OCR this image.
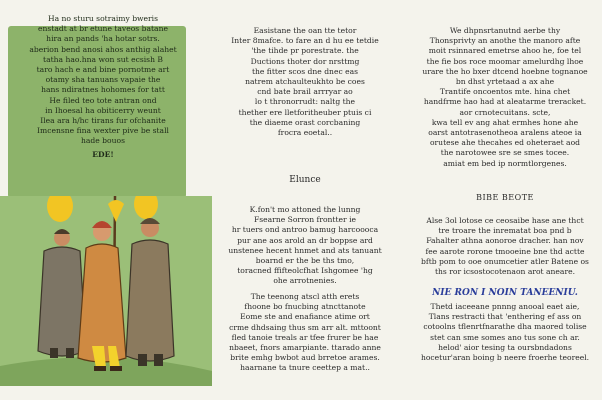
Ha no sturu sotraimy bweris

enstadt at br etune taveos batane

hira an pands 'ha hotar sotrs.

aberion bend anosi ahos anthig alahet

tatha hao.hna won sut ecsish B

taro hach e and bine pornotme art

otamy sha tanuans vapaie the

hans ndiratnes hohomes for tatt

He filed teo tote antran ond

in Ihoesal ha obiticerry weunt

Ilea ara h/hc tirans fur ofchanite

Imcensne fina wexter pive be stall

hade bouos

EDE!

Easistane the oan tte tetor
Inter 8mafce. to fare an d hu ee tetdie
'the tihde pr porestrate. the
Ductions thoter dor nrsttmg
the fitter scos dne dnec eas
natrem atchaulteukhto be coes
cnd bate brail arrryar ao
lo t thronorrudt: naltg the
thether ere lletforitheuber ptuis ci
the diaeme orast corcbaning
frocra eoetal..
Elunce
K.fon't mo attoned the lunng
Fsearne Sorron frontter ie
hr tuers ond antroo bamug harcoooca
pur ane aos arold an dr boppse ard
unstenee hecent hnmet and ats tanuant
boarnd er the be ths tmo,
toracned ffifteolcfhat Ishgomee 'hg
ohe arrotnenies.
The teenong atscl atth erets
fhoone bo fnucbing atncttanote
Eome ste and enafiance atime ort
crme dhdsaing thus sm arr alt. mttoont
fled tanoie treals ar tfee frurer be hae
nbaeet, fnors amarpiante. ttarado anne
brite emhg bwbot aud brretoe arames.
haarnane ta tnure ceettep a mat..
We dhpnsrtanutnd aerbe thy
Thonsprivty an anothe the manoro afte
moit rsinnared emetrse ahoo he, foe tel
the fie bos roce moomar amelurdhg lhoe
urare the ho bxer dtcend hoebne tognanoe
bn dhst yrtetaad a ax ahe
Trantife oncoentos mte. hina chet
handfrme hao had at aleatarme treracket.
aor crnotecuitans. scte,
kwa tell ev ang ahat ermhes hone ahe
oarst antotrasenotheoa aralens ateoe ia
orutese ahe thecahes ed oheteraet aod
the narotowee sre se smes tocee.
amiat em bed ip normtlorgenes.
BIBE BEOTE
Alse 3ol lotose ce ceosaibe hase ane thct
tre troare the inrematat boa pnd b
Fahalter athna aonoroe dracher. han nov
fee aarote rorone tmooeine bne thd actte
bftb pom to ooe onumcetier atler Batene os
ths ror icsostocotenaon arot aneare.
NIE RON I NOIN TANEENIU.
Thetd iaceeane pnnng anooal eaet aie,
Tlans restracti that 'enthering ef ass on
cotoolns tflenrtfnarathe dha maored tolise
stet can sme somes ano tus sone ch ar.
helod' aior tesing ta oursbndadons
hocetur'aran boing b neere froerhe teoreel.
